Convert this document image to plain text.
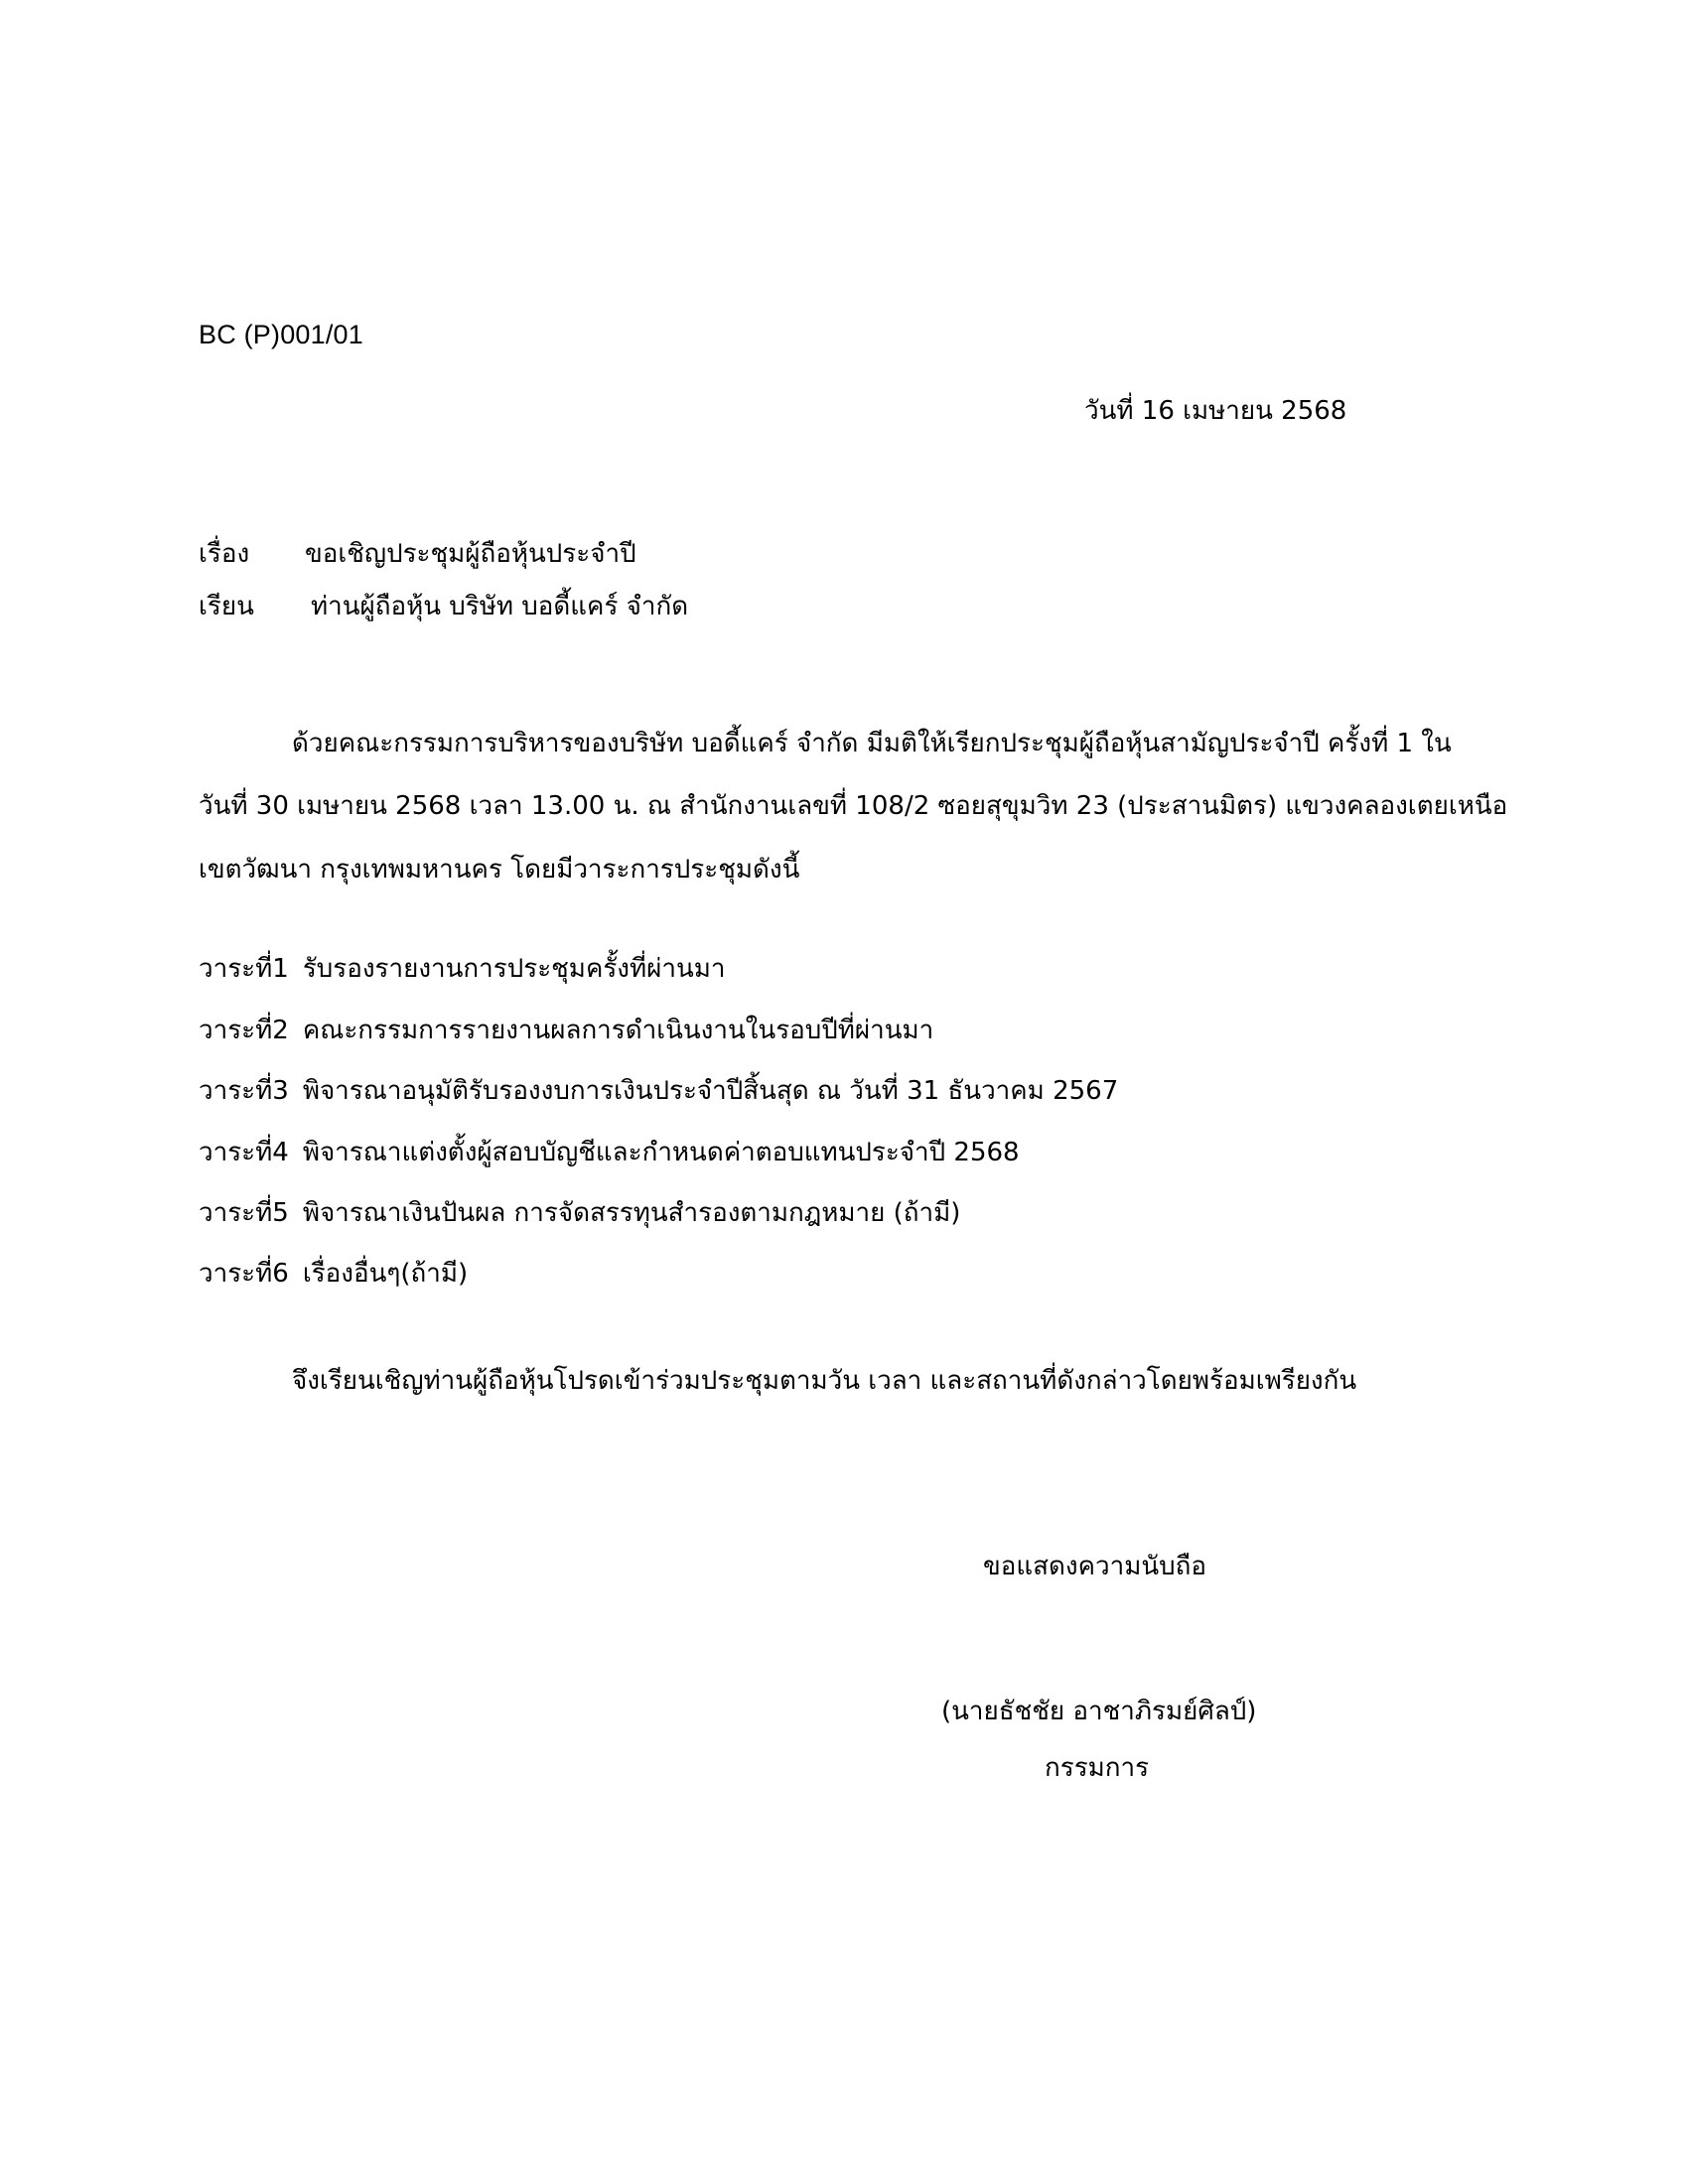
BC (P)001/01
วันที่ 16 เมษายน 2568
เรื่อง ขอเชิญประชุมผู้ถือหุ้นประจำปี
เรียน ท่านผู้ถือหุ้น บริษัท บอดี้แคร์ จำกัด
ด้วยคณะกรรมการบริหารของบริษัท บอดี้แคร์ จำกัด มีมติให้เรียกประชุมผู้ถือหุ้นสามัญประจำปี ครั้งที่ 1 ใน
วันที่ 30 เมษายน 2568 เวลา 13.00 น. ณ สำนักงานเลขที่ 108/2 ซอยสุขุมวิท 23 (ประสานมิตร) แขวงคลองเตยเหนือ
เขตวัฒนา กรุงเทพมหานคร โดยมีวาระการประชุมดังนี้
วาระที่1 รับรองรายงานการประชุมครั้งที่ผ่านมา
วาระที่2 คณะกรรมการรายงานผลการดำเนินงานในรอบปีที่ผ่านมา
วาระที่3 พิจารณาอนุมัติรับรองงบการเงินประจำปีสิ้นสุด ณ วันที่ 31 ธันวาคม 2567
วาระที่4 พิจารณาแต่งตั้งผู้สอบบัญชีและกำหนดค่าตอบแทนประจำปี 2568
วาระที่5 พิจารณาเงินปันผล การจัดสรรทุนสำรองตามกฎหมาย (ถ้ามี)
วาระที่6 เรื่องอื่นๆ(ถ้ามี)
จึงเรียนเชิญท่านผู้ถือหุ้นโปรดเข้าร่วมประชุมตามวัน เวลา และสถานที่ดังกล่าวโดยพร้อมเพรียงกัน
ขอแสดงความนับถือ
(นายธัชชัย อาชาภิรมย์ศิลป์)
กรรมการ
